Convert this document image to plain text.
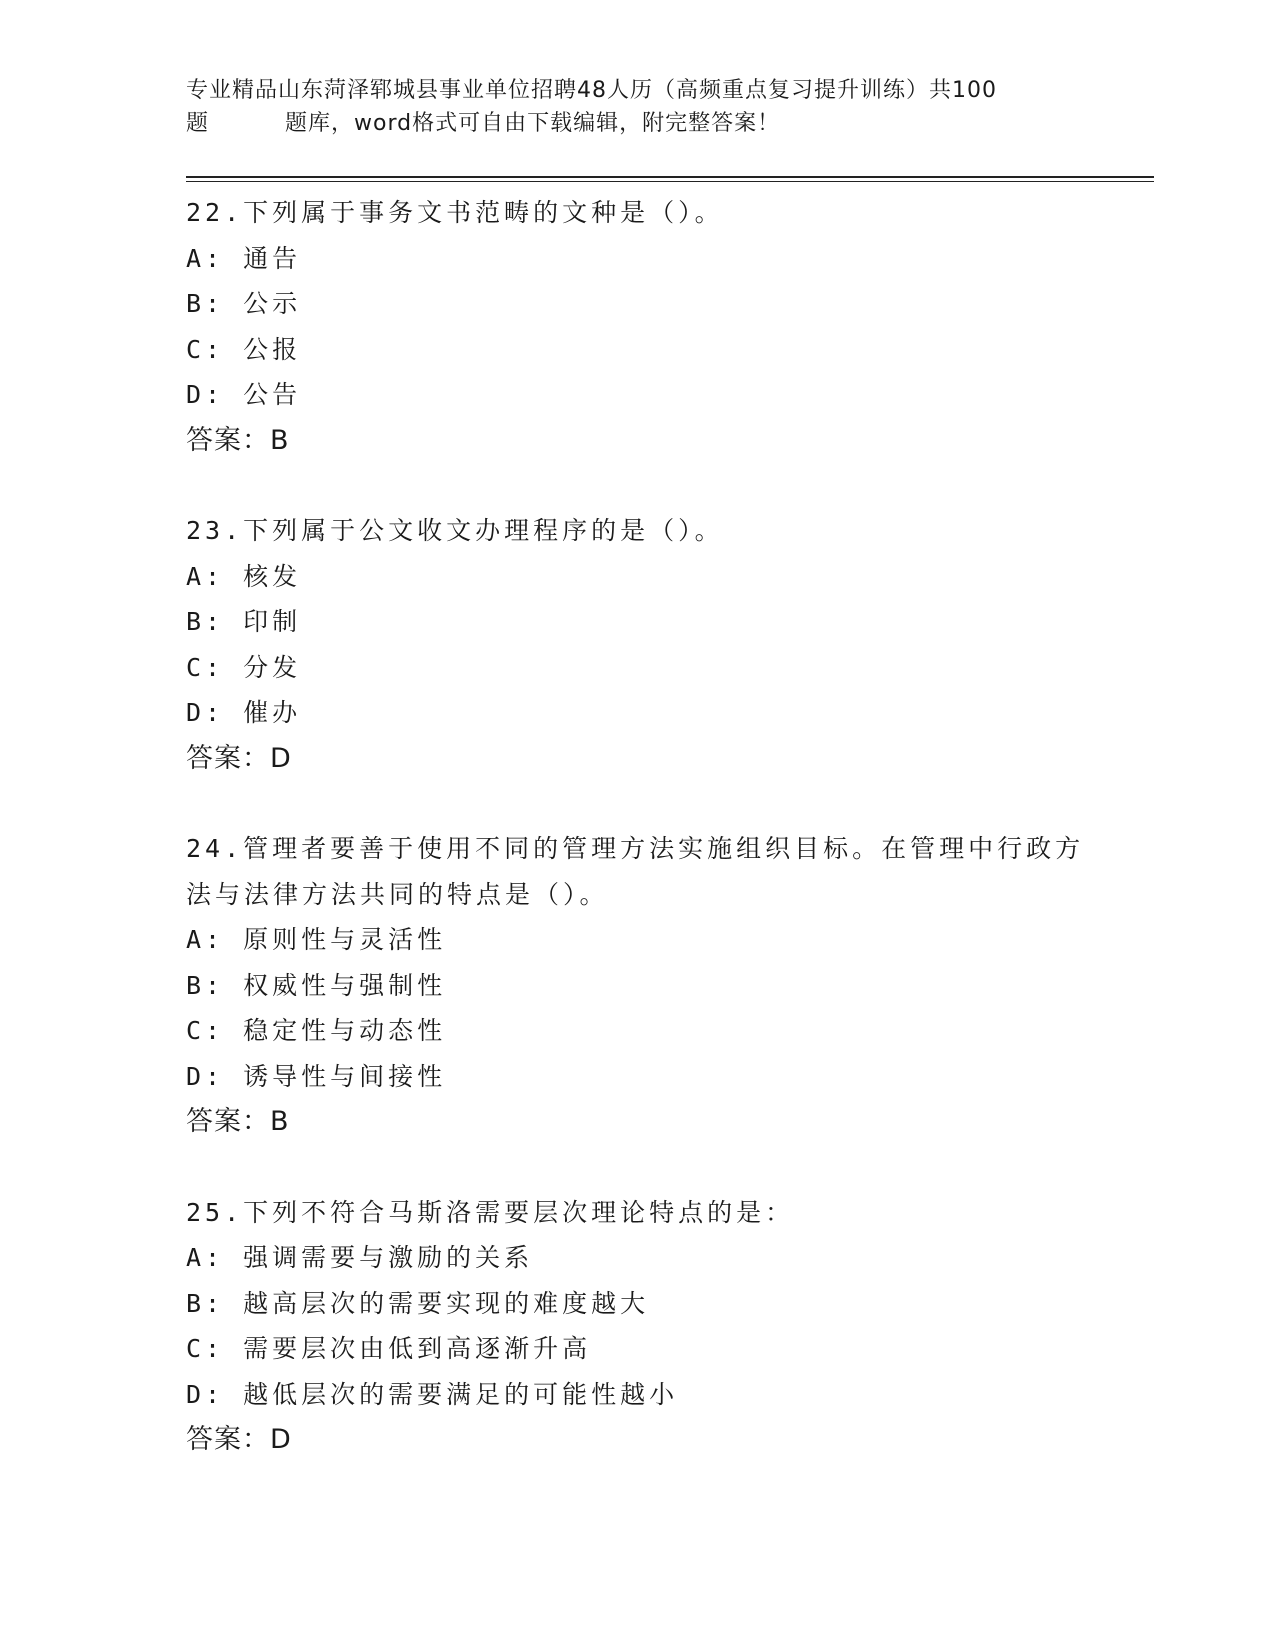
专业精品山东菏泽郓城县事业单位招聘48人历（高频重点复习提升训练）共100
题	题库，word格式可自由下载编辑，附完整答案！
22.下列属于事务文书范畴的文种是（）。
A: 通告
B: 公示
C: 公报
D: 公告
答案：B
23.下列属于公文收文办理程序的是（）。
A: 核发
B: 印制
C: 分发
D: 催办
答案：D
24.管理者要善于使用不同的管理方法实施组织目标。在管理中行政方
法与法律方法共同的特点是（）。
A: 原则性与灵活性
B: 权威性与强制性
C: 稳定性与动态性
D: 诱导性与间接性
答案：B
25.下列不符合马斯洛需要层次理论特点的是：
A: 强调需要与激励的关系
B: 越高层次的需要实现的难度越大
C: 需要层次由低到高逐渐升高
D: 越低层次的需要满足的可能性越小
答案：D
